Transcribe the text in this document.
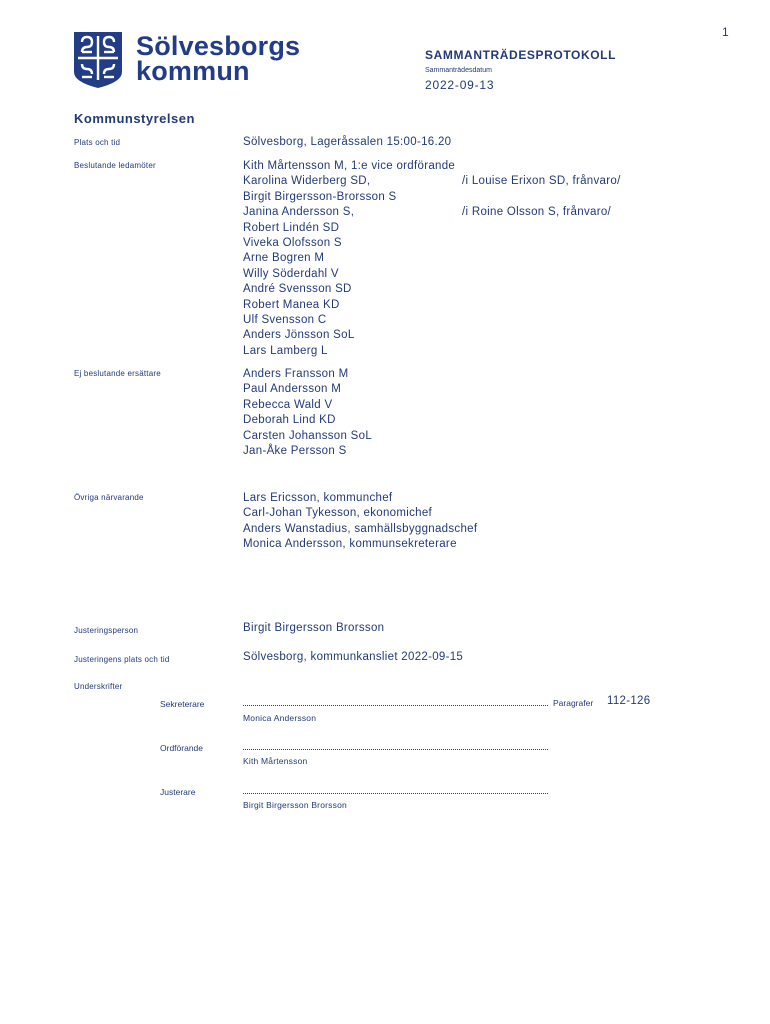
1
Sölvesborgs
kommun
SAMMANTRÄDESPROTOKOLL
Sammanträdesdatum
2022-09-13
Kommunstyrelsen
Plats och tid	Sölvesborg, Lageråssalen 15:00-16.20
Beslutande ledamöter	Kith Mårtensson M, 1:e vice ordförande
Karolina Widerberg SD,	/i Louise Erixon SD, frånvaro/
Birgit Birgersson-Brorsson S
Janina Andersson S,	/i Roine Olsson S, frånvaro/
Robert Lindén SD
Viveka Olofsson S
Arne Bogren M
Willy Söderdahl V
André Svensson SD
Robert Manea KD
Ulf Svensson C
Anders Jönsson SoL
Lars Lamberg L
Ej beslutande ersättare	Anders Fransson M
Paul Andersson M
Rebecca Wald V
Deborah Lind KD
Carsten Johansson SoL
Jan-Åke Persson S
Övriga närvarande	Lars Ericsson, kommunchef
Carl-Johan Tykesson, ekonomichef
Anders Wanstadius, samhällsbyggnadschef
Monica Andersson, kommunsekreterare
Justeringsperson	Birgit Birgersson Brorsson
Justeringens plats och tid	Sölvesborg, kommunkansliet 2022-09-15
Underskrifter
Sekreterare	Paragrafer 112-126
Monica Andersson
Ordförande
Kith Mårtensson
Justerare
Birgit Birgersson Brorsson
